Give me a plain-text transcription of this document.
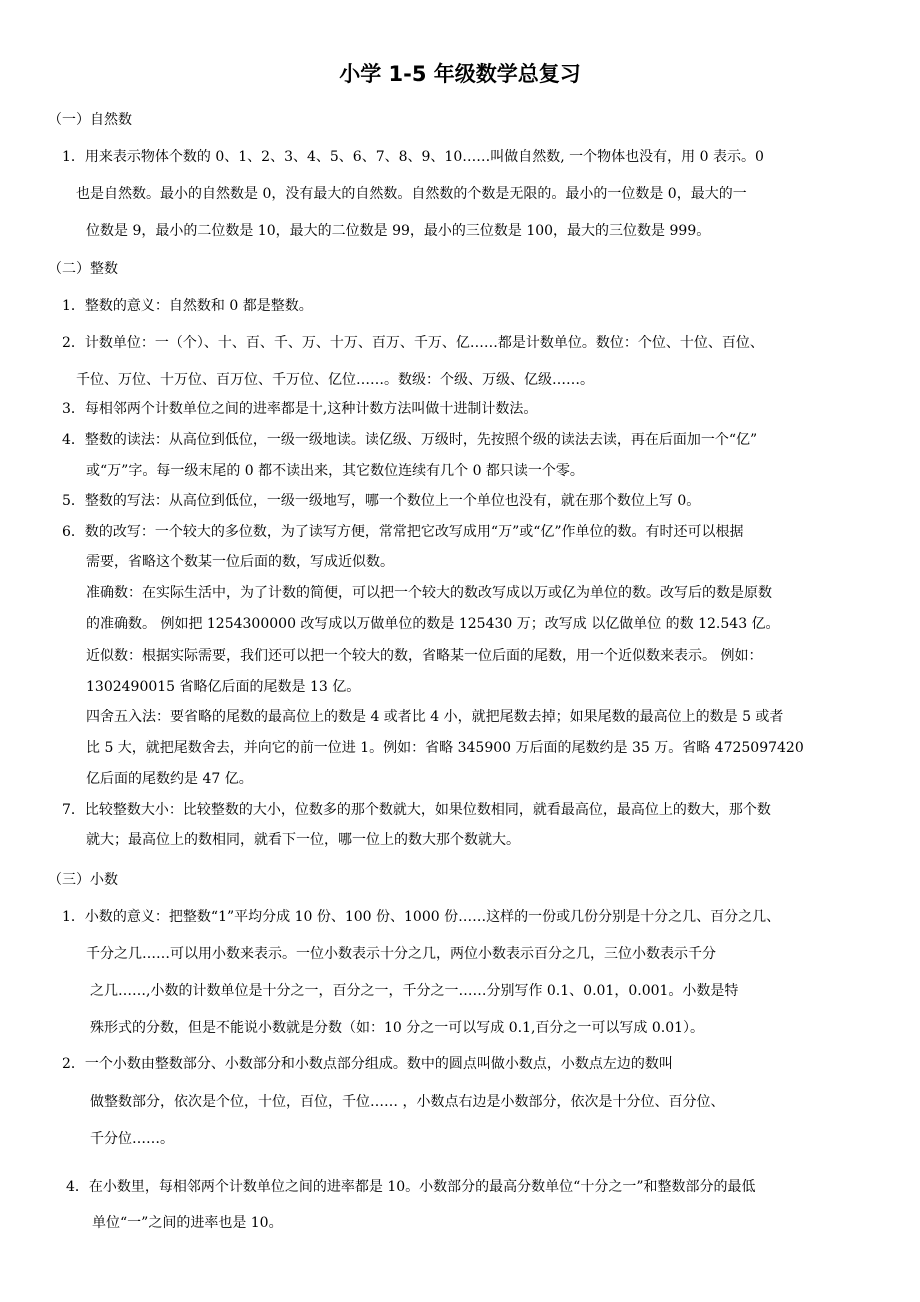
小学 1-5 年级数学总复习
（一）自然数
1．用来表示物体个数的 0、1、2、3、4、5、6、7、8、9、10……叫做自然数, 一个物体也没有，用 0 表示。0
也是自然数。最小的自然数是 0，没有最大的自然数。自然数的个数是无限的。最小的一位数是 0，最大的一
位数是 9，最小的二位数是 10，最大的二位数是 99，最小的三位数是 100，最大的三位数是 999。
（二）整数
1．整数的意义：自然数和 0 都是整数。
2．计数单位：一（个）、十、百、千、万、十万、百万、千万、亿……都是计数单位。数位：个位、十位、百位、
千位、万位、十万位、百万位、千万位、亿位……。数级：个级、万级、亿级……。
3．每相邻两个计数单位之间的进率都是十,这种计数方法叫做十进制计数法。
4．整数的读法：从高位到低位，一级一级地读。读亿级、万级时，先按照个级的读法去读，再在后面加一个“亿”
或“万”字。每一级末尾的 0 都不读出来，其它数位连续有几个 0 都只读一个零。
5．整数的写法：从高位到低位，一级一级地写，哪一个数位上一个单位也没有，就在那个数位上写 0。
6．数的改写：一个较大的多位数，为了读写方便，常常把它改写成用“万”或“亿”作单位的数。有时还可以根据
需要，省略这个数某一位后面的数，写成近似数。
准确数：在实际生活中，为了计数的简便，可以把一个较大的数改写成以万或亿为单位的数。改写后的数是原数
的准确数。 例如把 1254300000 改写成以万做单位的数是 125430 万；改写成 以亿做单位 的数 12.543 亿。
近似数：根据实际需要，我们还可以把一个较大的数，省略某一位后面的尾数，用一个近似数来表示。 例如：
1302490015 省略亿后面的尾数是 13 亿。
四舍五入法：要省略的尾数的最高位上的数是 4 或者比 4 小，就把尾数去掉；如果尾数的最高位上的数是 5 或者
比 5 大，就把尾数舍去，并向它的前一位进 1。例如：省略 345900 万后面的尾数约是 35 万。省略 4725097420
亿后面的尾数约是 47 亿。
7．比较整数大小：比较整数的大小，位数多的那个数就大，如果位数相同，就看最高位，最高位上的数大，那个数
就大；最高位上的数相同，就看下一位，哪一位上的数大那个数就大。
（三）小数
1．小数的意义：把整数“1”平均分成 10 份、100 份、1000 份……这样的一份或几份分别是十分之几、百分之几、
千分之几……可以用小数来表示。一位小数表示十分之几，两位小数表示百分之几，三位小数表示千分
之几……,小数的计数单位是十分之一，百分之一，千分之一……分别写作 0.1、0.01，0.001。小数是特
殊形式的分数，但是不能说小数就是分数（如：10 分之一可以写成 0.1,百分之一可以写成 0.01）。
2．一个小数由整数部分、小数部分和小数点部分组成。数中的圆点叫做小数点，小数点左边的数叫
做整数部分，依次是个位，十位，百位，千位…… ，小数点右边是小数部分，依次是十分位、百分位、
千分位……。
4．在小数里，每相邻两个计数单位之间的进率都是 10。小数部分的最高分数单位“十分之一”和整数部分的最低
单位“一”之间的进率也是 10。
